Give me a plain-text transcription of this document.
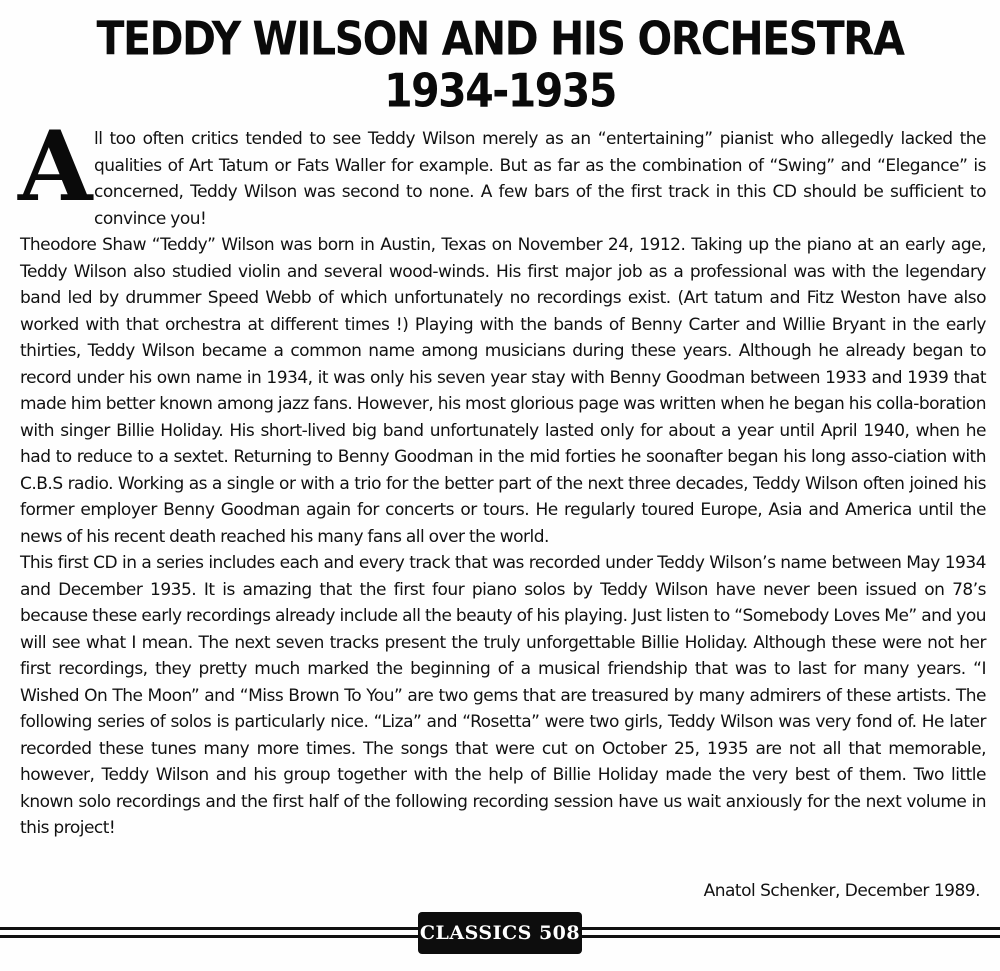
TEDDY WILSON AND HIS ORCHESTRA
1934-1935

All too often critics tended to see Teddy Wilson merely as an “entertaining” pianist who allegedly lacked the qualities of Art Tatum or Fats Waller for example. But as far as the combination of “Swing” and “Elegance” is concerned, Teddy Wilson was second to none. A few bars of the first track in this CD should be sufficient to convince you!

Theodore Shaw “Teddy” Wilson was born in Austin, Texas on November 24, 1912. Taking up the piano at an early age, Teddy Wilson also studied violin and several wood-winds. His first major job as a professional was with the legendary band led by drummer Speed Webb of which unfortunately no recordings exist. (Art tatum and Fitz Weston have also worked with that orchestra at different times !) Playing with the bands of Benny Carter and Willie Bryant in the early thirties, Teddy Wilson became a common name among musicians during these years. Although he already began to record under his own name in 1934, it was only his seven year stay with Benny Goodman between 1933 and 1939 that made him better known among jazz fans. However, his most glorious page was written when he began his colla-boration with singer Billie Holiday. His short-lived big band unfortunately lasted only for about a year until April 1940, when he had to reduce to a sextet. Returning to Benny Goodman in the mid forties he soonafter began his long asso-ciation with C.B.S radio. Working as a single or with a trio for the better part of the next three decades, Teddy Wilson often joined his former employer Benny Goodman again for concerts or tours. He regularly toured Europe, Asia and America until the news of his recent death reached his many fans all over the world.

This first CD in a series includes each and every track that was recorded under Teddy Wilson’s name between May 1934 and December 1935. It is amazing that the first four piano solos by Teddy Wilson have never been issued on 78’s because these early recordings already include all the beauty of his playing. Just listen to “Somebody Loves Me” and you will see what I mean. The next seven tracks present the truly unforgettable Billie Holiday. Although these were not her first recordings, they pretty much marked the beginning of a musical friendship that was to last for many years. “I Wished On The Moon” and “Miss Brown To You” are two gems that are treasured by many admirers of these artists. The following series of solos is particularly nice. “Liza” and “Rosetta” were two girls, Teddy Wilson was very fond of. He later recorded these tunes many more times. The songs that were cut on October 25, 1935 are not all that memorable, however, Teddy Wilson and his group together with the help of Billie Holiday made the very best of them. Two little known solo recordings and the first half of the following recording session have us wait anxiously for the next volume in this project!

Anatol Schenker, December 1989.
CLASSICS 508
